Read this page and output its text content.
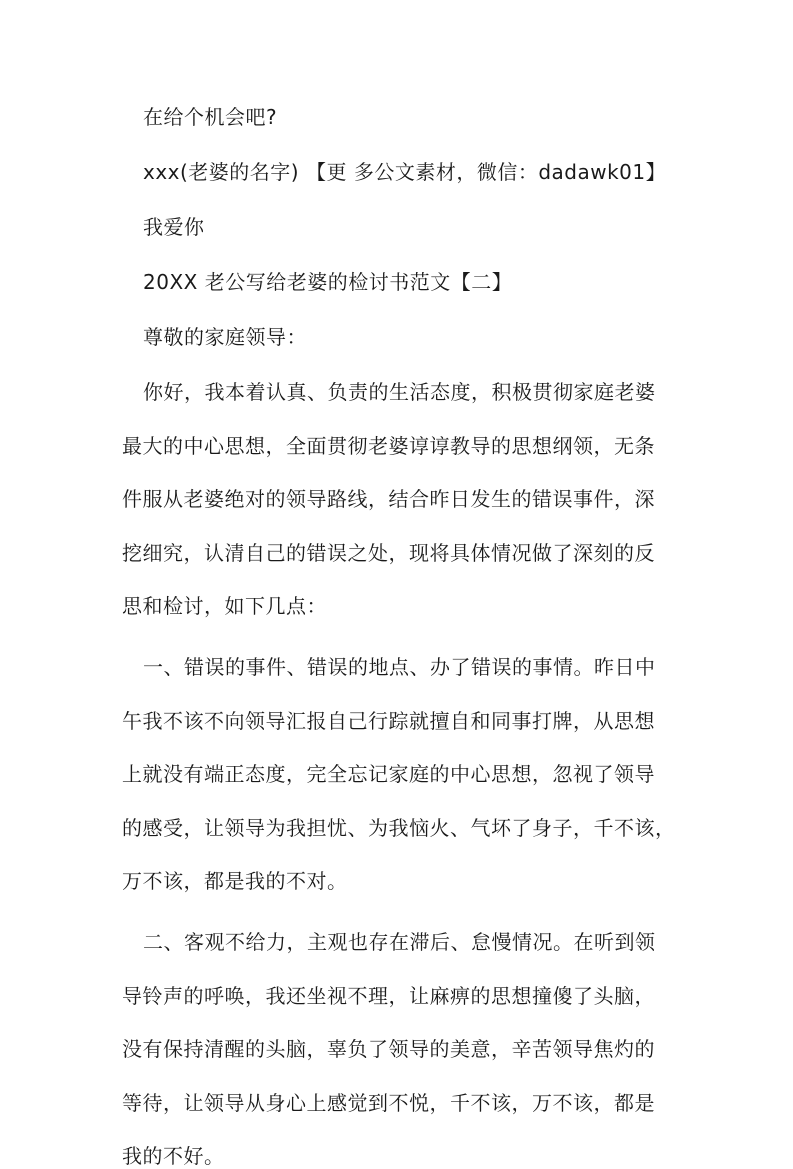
在给个机会吧?
xxx(老婆的名字) 【更 多公文素材，微信：dadawk01】
我爱你
20XX 老公写给老婆的检讨书范文【二】
尊敬的家庭领导：
你好，我本着认真、负责的生活态度，积极贯彻家庭老婆
最大的中心思想，全面贯彻老婆谆谆教导的思想纲领，无条
件服从老婆绝对的领导路线，结合昨日发生的错误事件，深
挖细究，认清自己的错误之处，现将具体情况做了深刻的反
思和检讨，如下几点：
一、错误的事件、错误的地点、办了错误的事情。昨日中
午我不该不向领导汇报自己行踪就擅自和同事打牌，从思想
上就没有端正态度，完全忘记家庭的中心思想，忽视了领导
的感受，让领导为我担忧、为我恼火、气坏了身子，千不该，
万不该，都是我的不对。
二、客观不给力，主观也存在滞后、怠慢情况。在听到领
导铃声的呼唤，我还坐视不理，让麻痹的思想撞傻了头脑，
没有保持清醒的头脑，辜负了领导的美意，辛苦领导焦灼的
等待，让领导从身心上感觉到不悦，千不该，万不该，都是
我的不好。
